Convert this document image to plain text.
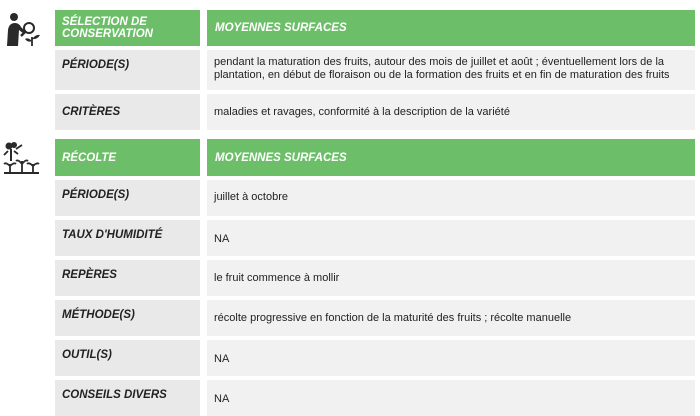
SÉLECTION DE CONSERVATION	MOYENNES SURFACES
PÉRIODE(S)	pendant la maturation des fruits, autour des mois de juillet et août ; éventuellement lors de la plantation, en début de floraison ou de la formation des fruits et en fin de maturation des fruits
CRITÈRES	maladies et ravages, conformité à la description de la variété
RÉCOLTE	MOYENNES SURFACES
PÉRIODE(S)	juillet à octobre
TAUX D'HUMIDITÉ	NA
REPÈRES	le fruit commence à mollir
MÉTHODE(S)	récolte progressive en fonction de la maturité des fruits ; récolte manuelle
OUTIL(S)	NA
CONSEILS DIVERS	NA
